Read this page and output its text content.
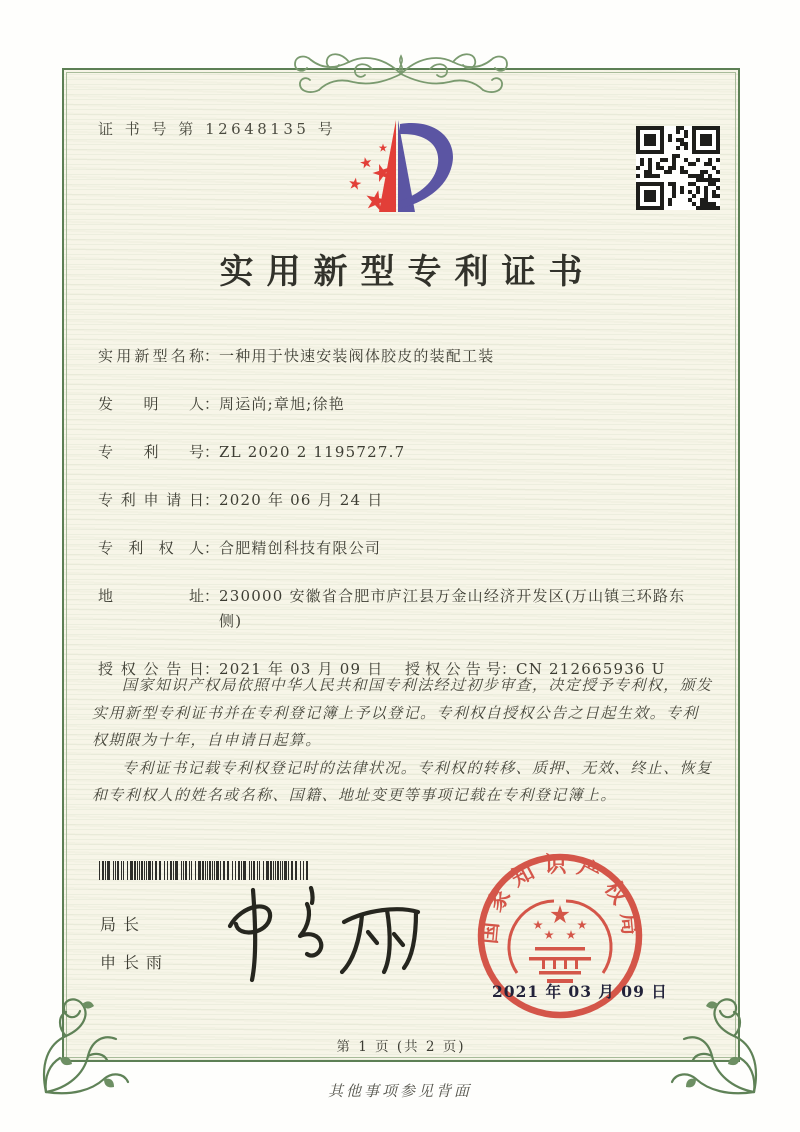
证 书 号 第 12648135 号
实用新型专利证书
实用新型名称 ： 一种用于快速安装阀体胶皮的装配工装
发明人 ： 周运尚;章旭;徐艳
专利号 ： ZL 2020 2 1195727.7
专利申请日 ： 2020 年 06 月 24 日
专利权人 ： 合肥精创科技有限公司
地址 ： 230000 安徽省合肥市庐江县万金山经济开发区(万山镇三环路东侧)
授权公告日 ： 2021 年 03 月 09 日	授权公告号 ： CN 212665936 U

国家知识产权局依照中华人民共和国专利法经过初步审查，决定授予专利权，颁发实用新型专利证书并在专利登记簿上予以登记。专利权自授权公告之日起生效。专利权期限为十年，自申请日起算。

专利证书记载专利权登记时的法律状况。专利权的转移、质押、无效、终止、恢复和专利权人的姓名或名称、国籍、地址变更等事项记载在专利登记簿上。

局长
申长雨
国家知识产权局
2021 年 03 月 09 日
第 1 页 (共 2 页)
其他事项参见背面
